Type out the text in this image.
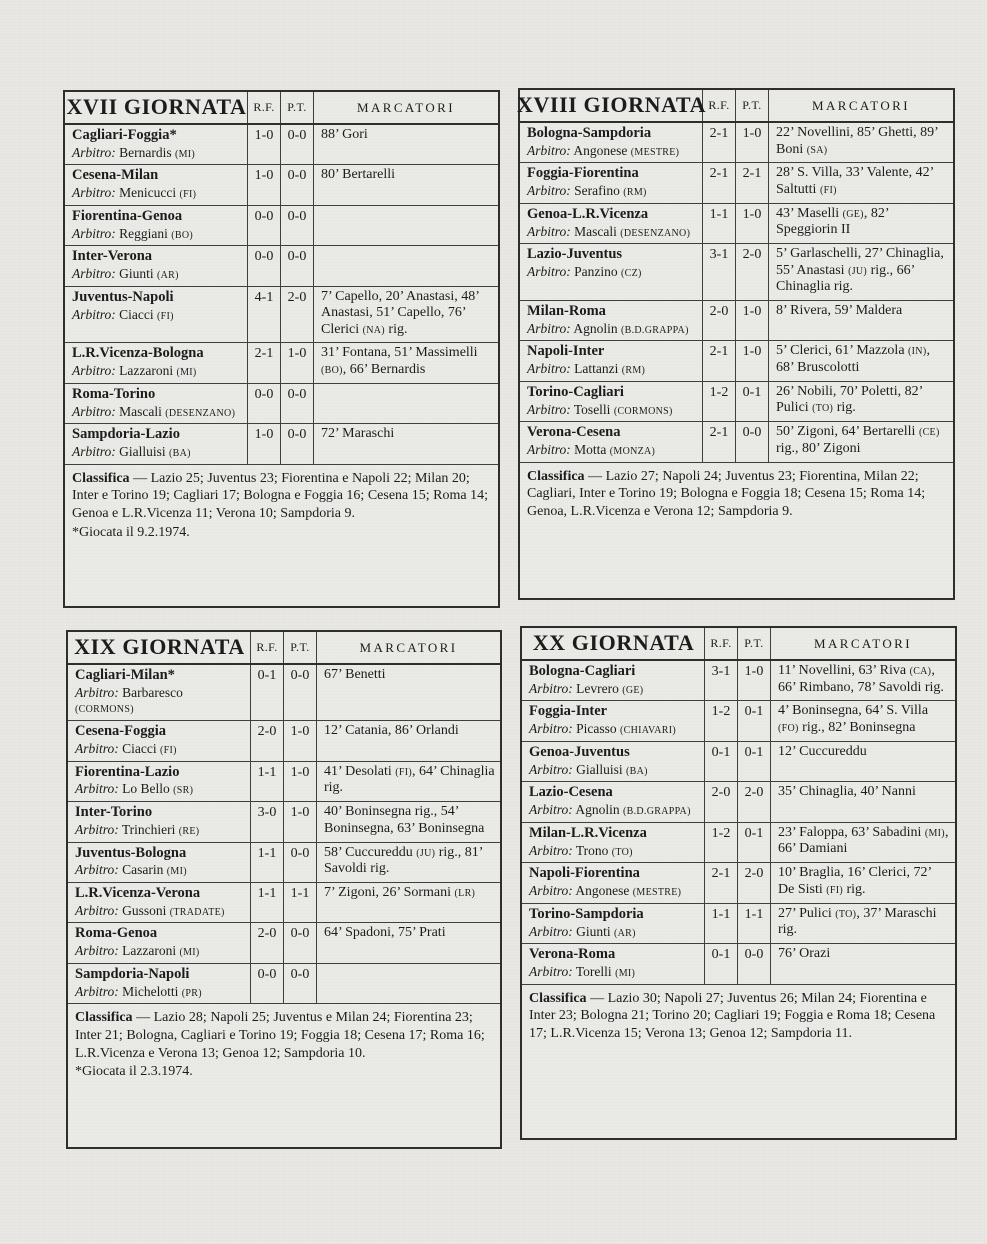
XVII GIORNATA R.F.	P.T.	MARCATORI
Cagliari-Foggia*
Arbitro: Bernardis (MI)
1-0	0-0	88’ Gori
Cesena-Milan
Arbitro: Menicucci (FI)
1-0	0-0	80’ Bertarelli
Fiorentina-Genoa
Arbitro: Reggiani (BO)
0-0	0-0
Inter-Verona
Arbitro: Giunti (AR)
0-0	0-0
Juventus-Napoli
Arbitro: Ciacci (FI)
4-1	2-0	7’ Capello, 20’ Anastasi, 48’ Anastasi, 51’ Capello, 76’ Clerici (NA) rig.
L.R.Vicenza-Bologna
Arbitro: Lazzaroni (MI)
2-1	1-0	31’ Fontana, 51’ Massimelli (BO), 66’ Bernardis
Roma-Torino
Arbitro: Mascali (DESENZANO)
0-0	0-0
Sampdoria-Lazio
Arbitro: Gialluisi (BA)
1-0	0-0	72’ Maraschi

Classifica — Lazio 25; Juventus 23; Fiorentina e Napoli 22; Milan 20; Inter e Torino 19; Cagliari 17; Bologna e Foggia 16; Cesena 15; Roma 14; Genoa e L.R.Vicenza 11; Verona 10; Sampdoria 9.

*Giocata il 9.2.1974.

XVIII GIORNATA R.F.	P.T.	MARCATORI
Bologna-Sampdoria
Arbitro: Angonese (MESTRE)
2-1	1-0	22’ Novellini, 85’ Ghetti, 89’ Boni (SA)
Foggia-Fiorentina
Arbitro: Serafino (RM)
2-1	2-1	28’ S. Villa, 33’ Valente, 42’ Saltutti (FI)
Genoa-L.R.Vicenza
Arbitro: Mascali (DESENZANO)
1-1	1-0	43’ Maselli (GE), 82’ Speggiorin II
Lazio-Juventus
Arbitro: Panzino (CZ)
3-1	2-0	5’ Garlaschelli, 27’ Chinaglia, 55’ Anastasi (JU) rig., 66’ Chinaglia rig.
Milan-Roma
Arbitro: Agnolin (B.D.GRAPPA)
2-0	1-0	8’ Rivera, 59’ Maldera
Napoli-Inter
Arbitro: Lattanzi (RM)
2-1	1-0	5’ Clerici, 61’ Mazzola (IN), 68’ Bruscolotti
Torino-Cagliari
Arbitro: Toselli (CORMONS)
1-2	0-1	26’ Nobili, 70’ Poletti, 82’ Pulici (TO) rig.
Verona-Cesena
Arbitro: Motta (MONZA)
2-1	0-0	50’ Zigoni, 64’ Bertarelli (CE) rig., 80’ Zigoni

Classifica — Lazio 27; Napoli 24; Juventus 23; Fiorentina, Milan 22; Cagliari, Inter e Torino 19; Bologna e Foggia 18; Cesena 15; Roma 14; Genoa, L.R.Vicenza e Verona 12; Sampdoria 9.

XIX GIORNATA R.F.	P.T.	MARCATORI
Cagliari-Milan*
Arbitro: Barbaresco (CORMONS)
0-1	0-0	67’ Benetti
Cesena-Foggia
Arbitro: Ciacci (FI)
2-0	1-0	12’ Catania, 86’ Orlandi
Fiorentina-Lazio
Arbitro: Lo Bello (SR)
1-1	1-0	41’ Desolati (FI), 64’ Chinaglia rig.
Inter-Torino
Arbitro: Trinchieri (RE)
3-0	1-0	40’ Boninsegna rig., 54’ Boninsegna, 63’ Boninsegna
Juventus-Bologna
Arbitro: Casarin (MI)
1-1	0-0	58’ Cuccureddu (JU) rig., 81’ Savoldi rig.
L.R.Vicenza-Verona
Arbitro: Gussoni (TRADATE)
1-1	1-1	7’ Zigoni, 26’ Sormani (LR)
Roma-Genoa
Arbitro: Lazzaroni (MI)
2-0	0-0	64’ Spadoni, 75’ Prati
Sampdoria-Napoli
Arbitro: Michelotti (PR)
0-0	0-0

Classifica — Lazio 28; Napoli 25; Juventus e Milan 24; Fiorentina 23; Inter 21; Bologna, Cagliari e Torino 19; Foggia 18; Cesena 17; Roma 16; L.R.Vicenza e Verona 13; Genoa 12; Sampdoria 10.

*Giocata il 2.3.1974.

XX GIORNATA	R.F.	P.T.	MARCATORI
Bologna-Cagliari
Arbitro: Levrero (GE)
3-1	1-0	11’ Novellini, 63’ Riva (CA), 66’ Rimbano, 78’ Savoldi rig.
Foggia-Inter
Arbitro: Picasso (CHIAVARI)
1-2	0-1	4’ Boninsegna, 64’ S. Villa (FO) rig., 82’ Boninsegna
Genoa-Juventus
Arbitro: Gialluisi (BA)
0-1	0-1	12’ Cuccureddu
Lazio-Cesena
Arbitro: Agnolin (B.D.GRAPPA)
2-0	2-0	35’ Chinaglia, 40’ Nanni
Milan-L.R.Vicenza
Arbitro: Trono (TO)
1-2	0-1	23’ Faloppa, 63’ Sabadini (MI), 66’ Damiani
Napoli-Fiorentina
Arbitro: Angonese (MESTRE)
2-1	2-0	10’ Braglia, 16’ Clerici, 72’ De Sisti (FI) rig.
Torino-Sampdoria
Arbitro: Giunti (AR)
1-1	1-1	27’ Pulici (TO), 37’ Maraschi rig.
Verona-Roma
Arbitro: Torelli (MI)
0-1	0-0	76’ Orazi

Classifica — Lazio 30; Napoli 27; Juventus 26; Milan 24; Fiorentina e Inter 23; Bologna 21; Torino 20; Cagliari 19; Foggia e Roma 18; Cesena 17; L.R.Vicenza 15; Verona 13; Genoa 12; Sampdoria 11.
